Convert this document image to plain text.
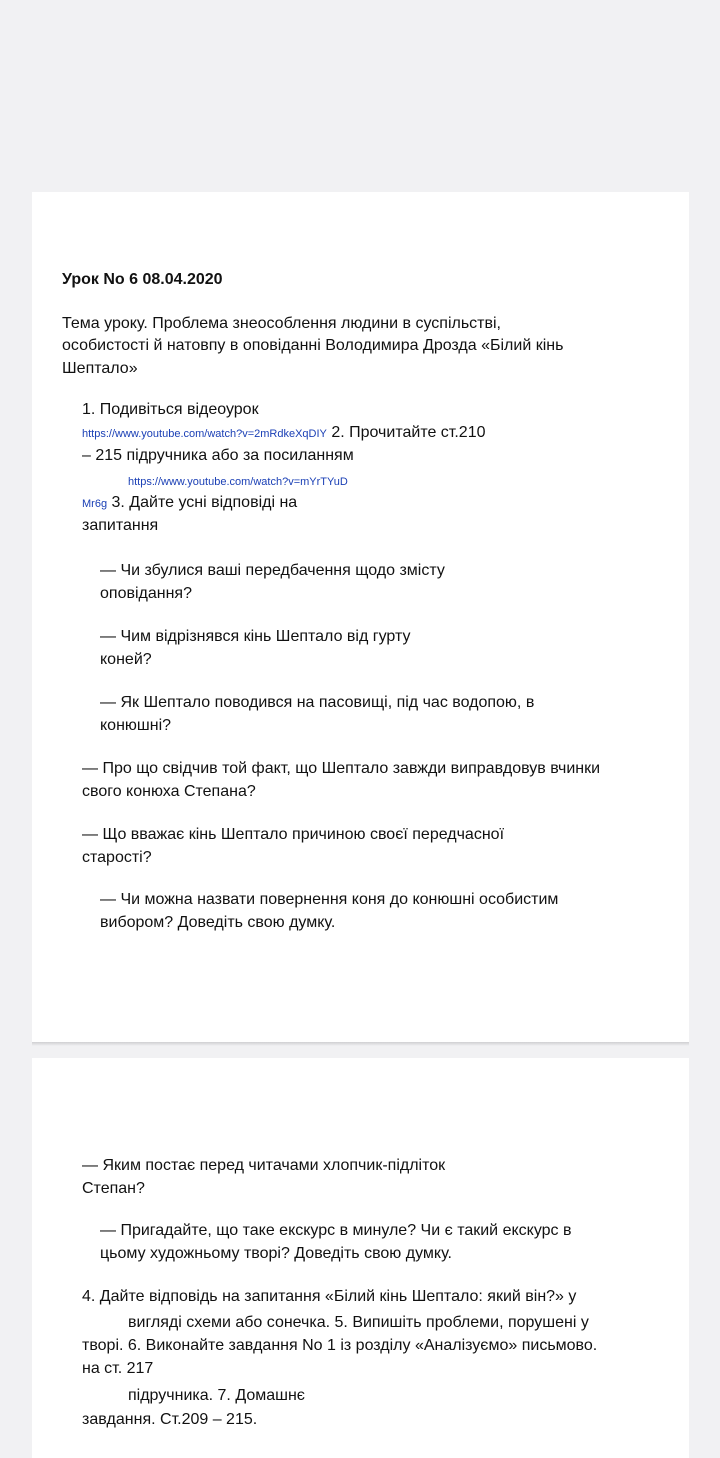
Урок No 6 08.04.2020

Тема уроку. Проблема знеособлення людини в суспільстві,

особистості й натовпу в оповіданні Володимира Дрозда «Білий кінь

Шептало»

1. Подивіться відеоурок

https://www.youtube.com/watch?v=2mRdkeXqDIY 2. Прочитайте ст.210

– 215 підручника або за посиланням

https://www.youtube.com/watch?v=mYrTYuD

Mr6g 3. Дайте усні відповіді на

запитання

— Чи збулися ваші передбачення щодо змісту

оповідання?

— Чим відрізнявся кінь Шептало від гурту

коней?

— Як Шептало поводився на пасовищі, під час водопою, в

конюшні?

— Про що свідчив той факт, що Шептало завжди виправдовув вчинки

свого конюха Степана?

— Що вважає кінь Шептало причиною своєї передчасної

старості?

— Чи можна назвати повернення коня до конюшні особистим

вибором? Доведіть свою думку.

— Яким постає перед читачами хлопчик-підліток

Степан?

— Пригадайте, що таке екскурс в минуле? Чи є такий екскурс в

цьому художньому творі? Доведіть свою думку.

4. Дайте відповідь на запитання «Білий кінь Шептало: який він?» у

вигляді схеми або сонечка. 5. Випишіть проблеми, порушені у

творі. 6. Виконайте завдання No 1 із розділу «Аналізуємо» письмово.

на ст. 217

підручника. 7. Домашнє

завдання. Ст.209 – 215.
